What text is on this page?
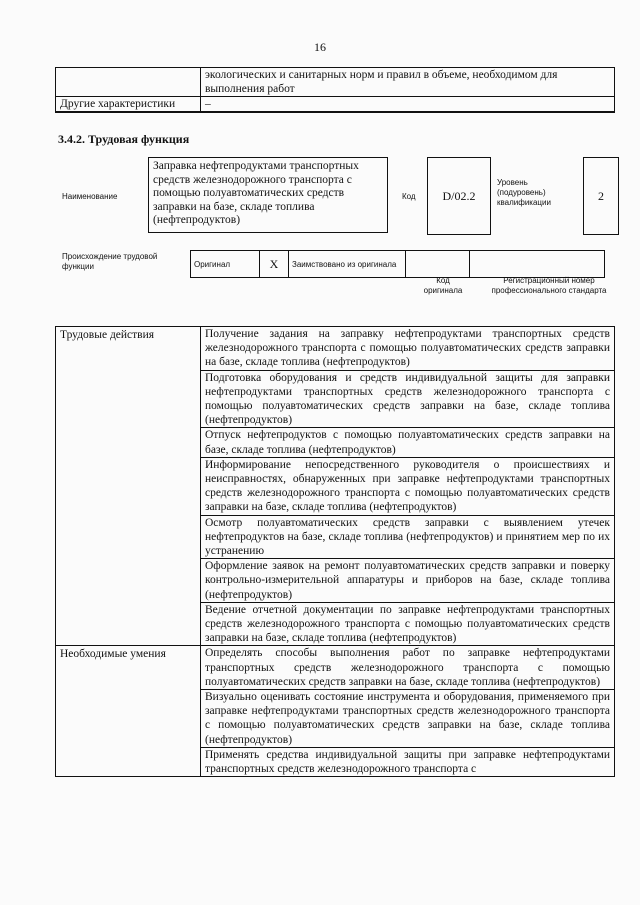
16
	экологических и санитарных норм и правил в объеме, необходимом для выполнения работ
Другие характеристики	–
3.4.2. Трудовая функция
Наименование
Заправка нефтепродуктами транспортных средств железнодорожного транспорта с помощью полуавтоматических средств заправки на базе, складе топлива (нефтепродуктов)
Код	D/02.2
Уровень (подуровень) квалификации	2
Происхождение трудовой функции	Оригинал	X	Заимствовано из оригинала		
Код оригинала
Регистрационный номер профессионального стандарта
Трудовые действия	Получение задания на заправку нефтепродуктами транспортных средств железнодорожного транспорта с помощью полуавтоматических средств заправки на базе, складе топлива (нефтепродуктов)
	Подготовка оборудования и средств индивидуальной защиты для заправки нефтепродуктами транспортных средств железнодорожного транспорта с помощью полуавтоматических средств заправки на базе, складе топлива (нефтепродуктов)
	Отпуск нефтепродуктов с помощью полуавтоматических средств заправки на базе, складе топлива (нефтепродуктов)
	Информирование непосредственного руководителя о происшествиях и неисправностях, обнаруженных при заправке нефтепродуктами транспортных средств железнодорожного транспорта с помощью полуавтоматических средств заправки на базе, складе топлива (нефтепродуктов)
	Осмотр полуавтоматических средств заправки с выявлением утечек нефтепродуктов на базе, складе топлива (нефтепродуктов) и принятием мер по их устранению
	Оформление заявок на ремонт полуавтоматических средств заправки и поверку контрольно-измерительной аппаратуры и приборов на базе, складе топлива (нефтепродуктов)
	Ведение отчетной документации по заправке нефтепродуктами транспортных средств железнодорожного транспорта с помощью полуавтоматических средств заправки на базе, складе топлива (нефтепродуктов)
Необходимые умения	Определять способы выполнения работ по заправке нефтепродуктами транспортных средств железнодорожного транспорта с помощью полуавтоматических средств заправки на базе, складе топлива (нефтепродуктов)
	Визуально оценивать состояние инструмента и оборудования, применяемого при заправке нефтепродуктами транспортных средств железнодорожного транспорта с помощью полуавтоматических средств заправки на базе, складе топлива (нефтепродуктов)
	Применять средства индивидуальной защиты при заправке нефтепродуктами транспортных средств железнодорожного транспорта с
